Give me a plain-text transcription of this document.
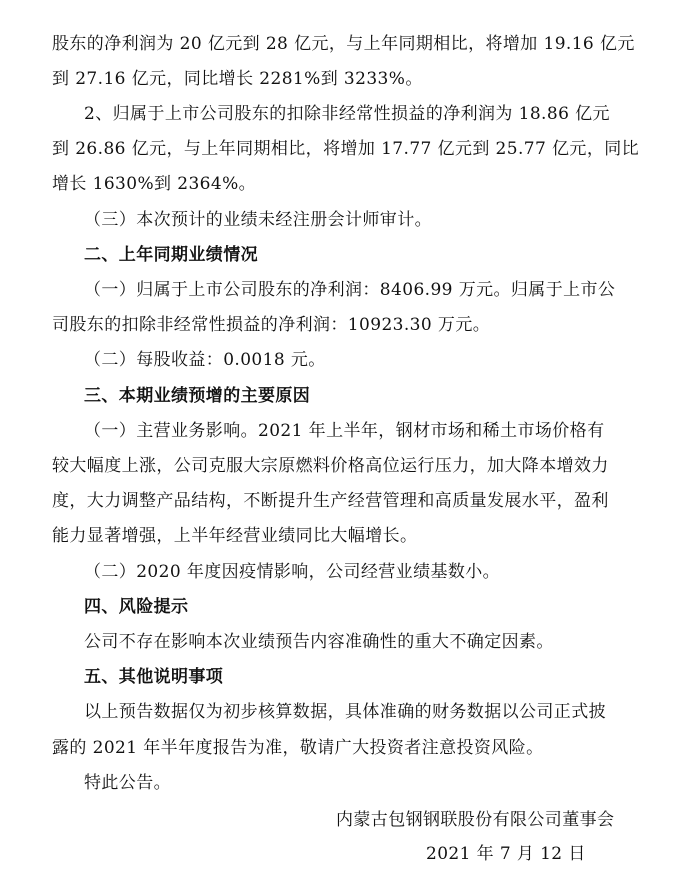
股东的净利润为 20 亿元到 28 亿元，与上年同期相比，将增加 19.16 亿元
到 27.16 亿元，同比增长 2281%到 3233%。
2、归属于上市公司股东的扣除非经常性损益的净利润为 18.86 亿元
到 26.86 亿元，与上年同期相比，将增加 17.77 亿元到 25.77 亿元，同比
增长 1630%到 2364%。
（三）本次预计的业绩未经注册会计师审计。
二、上年同期业绩情况
（一）归属于上市公司股东的净利润：8406.99 万元。归属于上市公
司股东的扣除非经常性损益的净利润：10923.30 万元。
（二）每股收益：0.0018 元。
三、本期业绩预增的主要原因
（一）主营业务影响。2021 年上半年，钢材市场和稀土市场价格有
较大幅度上涨，公司克服大宗原燃料价格高位运行压力，加大降本增效力
度，大力调整产品结构，不断提升生产经营管理和高质量发展水平，盈利
能力显著增强，上半年经营业绩同比大幅增长。
（二）2020 年度因疫情影响，公司经营业绩基数小。
四、风险提示
公司不存在影响本次业绩预告内容准确性的重大不确定因素。
五、其他说明事项
以上预告数据仅为初步核算数据，具体准确的财务数据以公司正式披
露的 2021 年半年度报告为准，敬请广大投资者注意投资风险。
特此公告。
内蒙古包钢钢联股份有限公司董事会
2021 年 7 月 12 日
